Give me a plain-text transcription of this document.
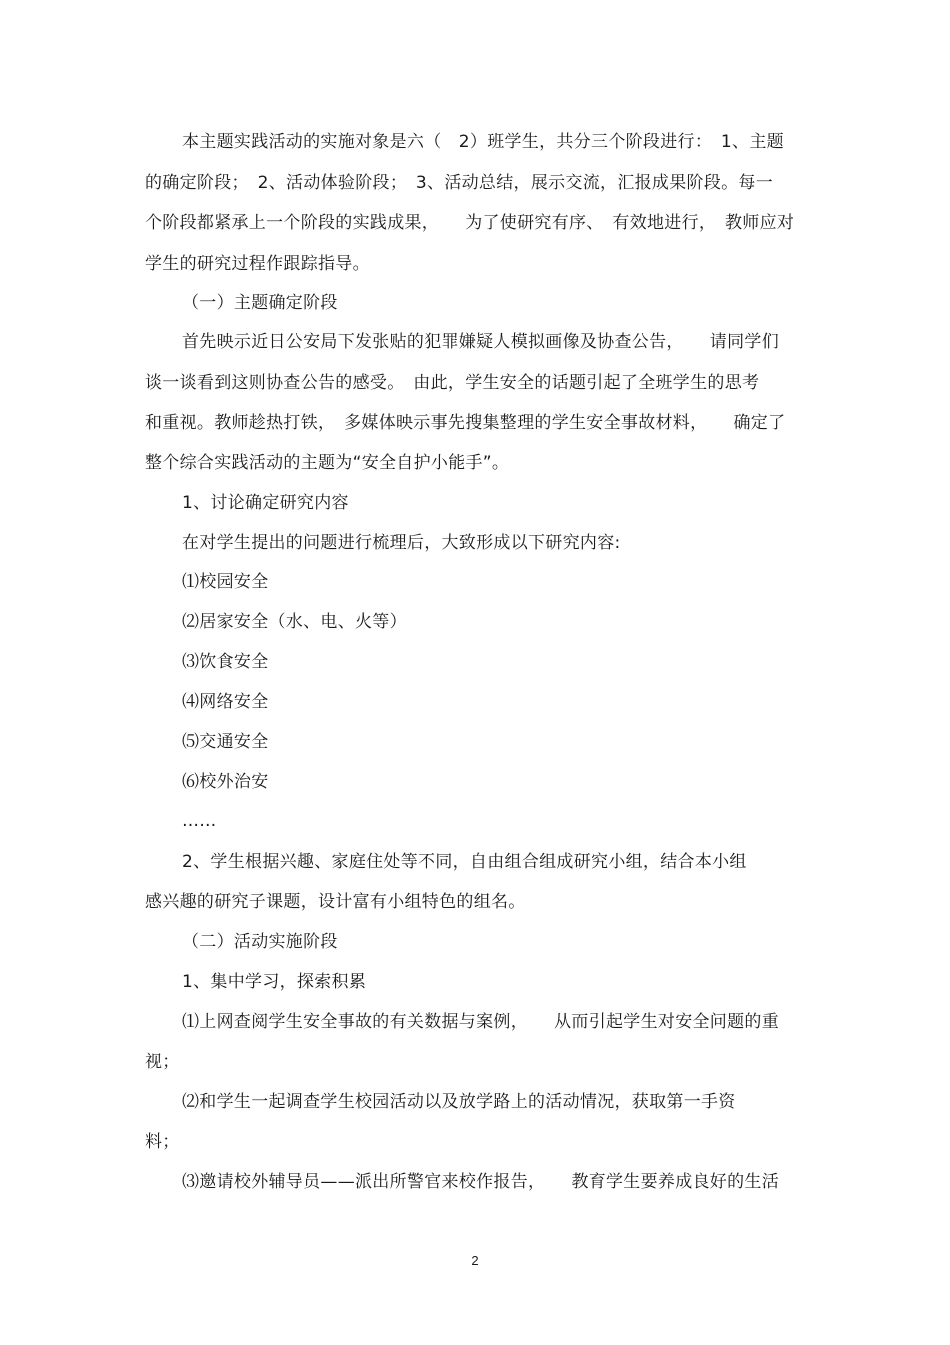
本主题实践活动的实施对象是六（　2）班学生，共分三个阶段进行：　1、主题
的确定阶段；　2、活动体验阶段；　3、活动总结，展示交流，汇报成果阶段。每一
个阶段都紧承上一个阶段的实践成果，　　为了使研究有序、　有效地进行，　教师应对
学生的研究过程作跟踪指导。
（一）主题确定阶段
首先映示近日公安局下发张贴的犯罪嫌疑人模拟画像及协查公告，　　请同学们
谈一谈看到这则协查公告的感受。　由此，学生安全的话题引起了全班学生的思考
和重视。教师趁热打铁，　多媒体映示事先搜集整理的学生安全事故材料，　　确定了
整个综合实践活动的主题为“安全自护小能手”。
1、讨论确定研究内容
在对学生提出的问题进行梳理后，大致形成以下研究内容:
⑴校园安全
⑵居家安全（水、电、火等）
⑶饮食安全
⑷网络安全
⑸交通安全
⑹校外治安
……
2、学生根据兴趣、家庭住处等不同，自由组合组成研究小组，结合本小组
感兴趣的研究子课题，设计富有小组特色的组名。
（二）活动实施阶段
1、集中学习，探索积累
⑴上网查阅学生安全事故的有关数据与案例，　　从而引起学生对安全问题的重
视；
⑵和学生一起调查学生校园活动以及放学路上的活动情况，获取第一手资
料；
⑶邀请校外辅导员——派出所警官来校作报告，　　教育学生要养成良好的生活
2
